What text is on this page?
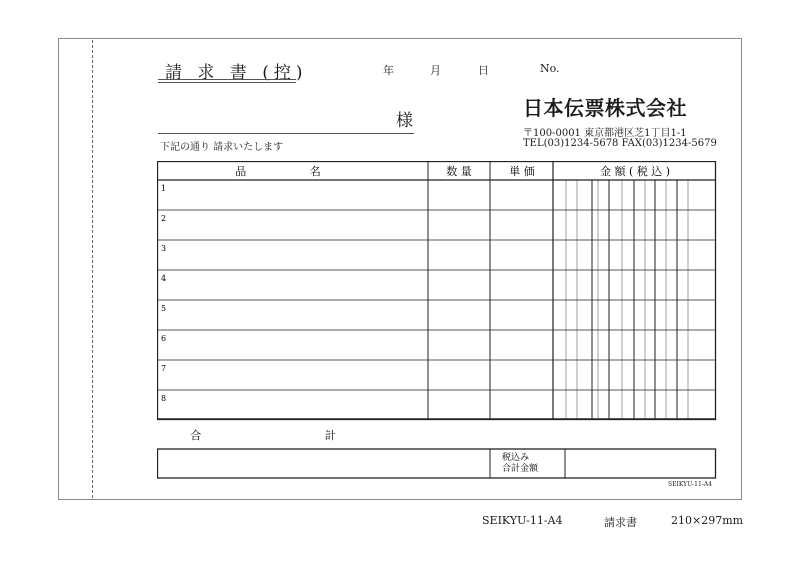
請 求 書 (控)	年	月	日	No.
様
下記の通り 請求いたします
日本伝票株式会社
〒100-0001 東京都港区芝1丁目1-1
TEL(03)1234-5678 FAX(03)1234-5679
品 名	数 量	単 価	金 額 ( 税 込 )
1
2
3
4
5
6
7
8
合 計
税込み
合計金額
SEIKYU-11-A4
SEIKYU-11-A4	請求書	210×297mm
